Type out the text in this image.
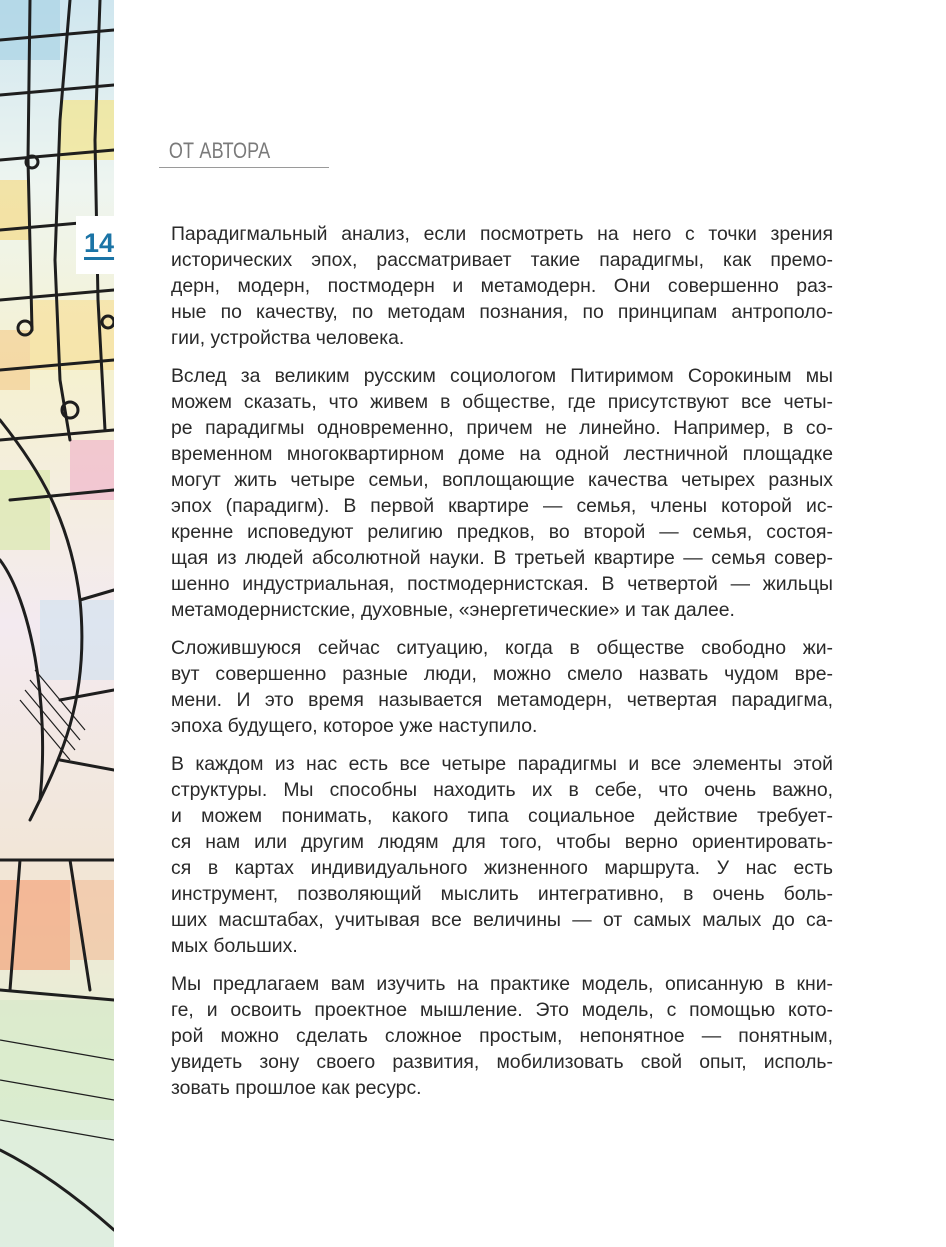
14
ОТ АВТОРА

Парадигмальный анализ, если посмотреть на него с точки зрения
исторических эпох, рассматривает такие парадигмы, как премо-
дерн, модерн, постмодерн и метамодерн. Они совершенно раз-
ные по качеству, по методам познания, по принципам антрополо-
гии, устройства человека.

Вслед за великим русским социологом Питиримом Сорокиным мы
можем сказать, что живем в обществе, где присутствуют все четы-
ре парадигмы одновременно, причем не линейно. Например, в со-
временном многоквартирном доме на одной лестничной площадке
могут жить четыре семьи, воплощающие качества четырех разных
эпох (парадигм). В первой квартире — семья, члены которой ис-
кренне исповедуют религию предков, во второй — семья, состоя-
щая из людей абсолютной науки. В третьей квартире — семья совер-
шенно индустриальная, постмодернистская. В четвертой — жильцы
метамодернистские, духовные, «энергетические» и так далее.

Сложившуюся сейчас ситуацию, когда в обществе свободно жи-
вут совершенно разные люди, можно смело назвать чудом вре-
мени. И это время называется метамодерн, четвертая парадигма,
эпоха будущего, которое уже наступило.

В каждом из нас есть все четыре парадигмы и все элементы этой
структуры. Мы способны находить их в себе, что очень важно,
и можем понимать, какого типа социальное действие требует-
ся нам или другим людям для того, чтобы верно ориентировать-
ся в картах индивидуального жизненного маршрута. У нас есть
инструмент, позволяющий мыслить интегративно, в очень боль-
ших масштабах, учитывая все величины — от самых малых до са-
мых больших.

Мы предлагаем вам изучить на практике модель, описанную в кни-
ге, и освоить проектное мышление. Это модель, с помощью кото-
рой можно сделать сложное простым, непонятное — понятным,
увидеть зону своего развития, мобилизовать свой опыт, исполь-
зовать прошлое как ресурс.
